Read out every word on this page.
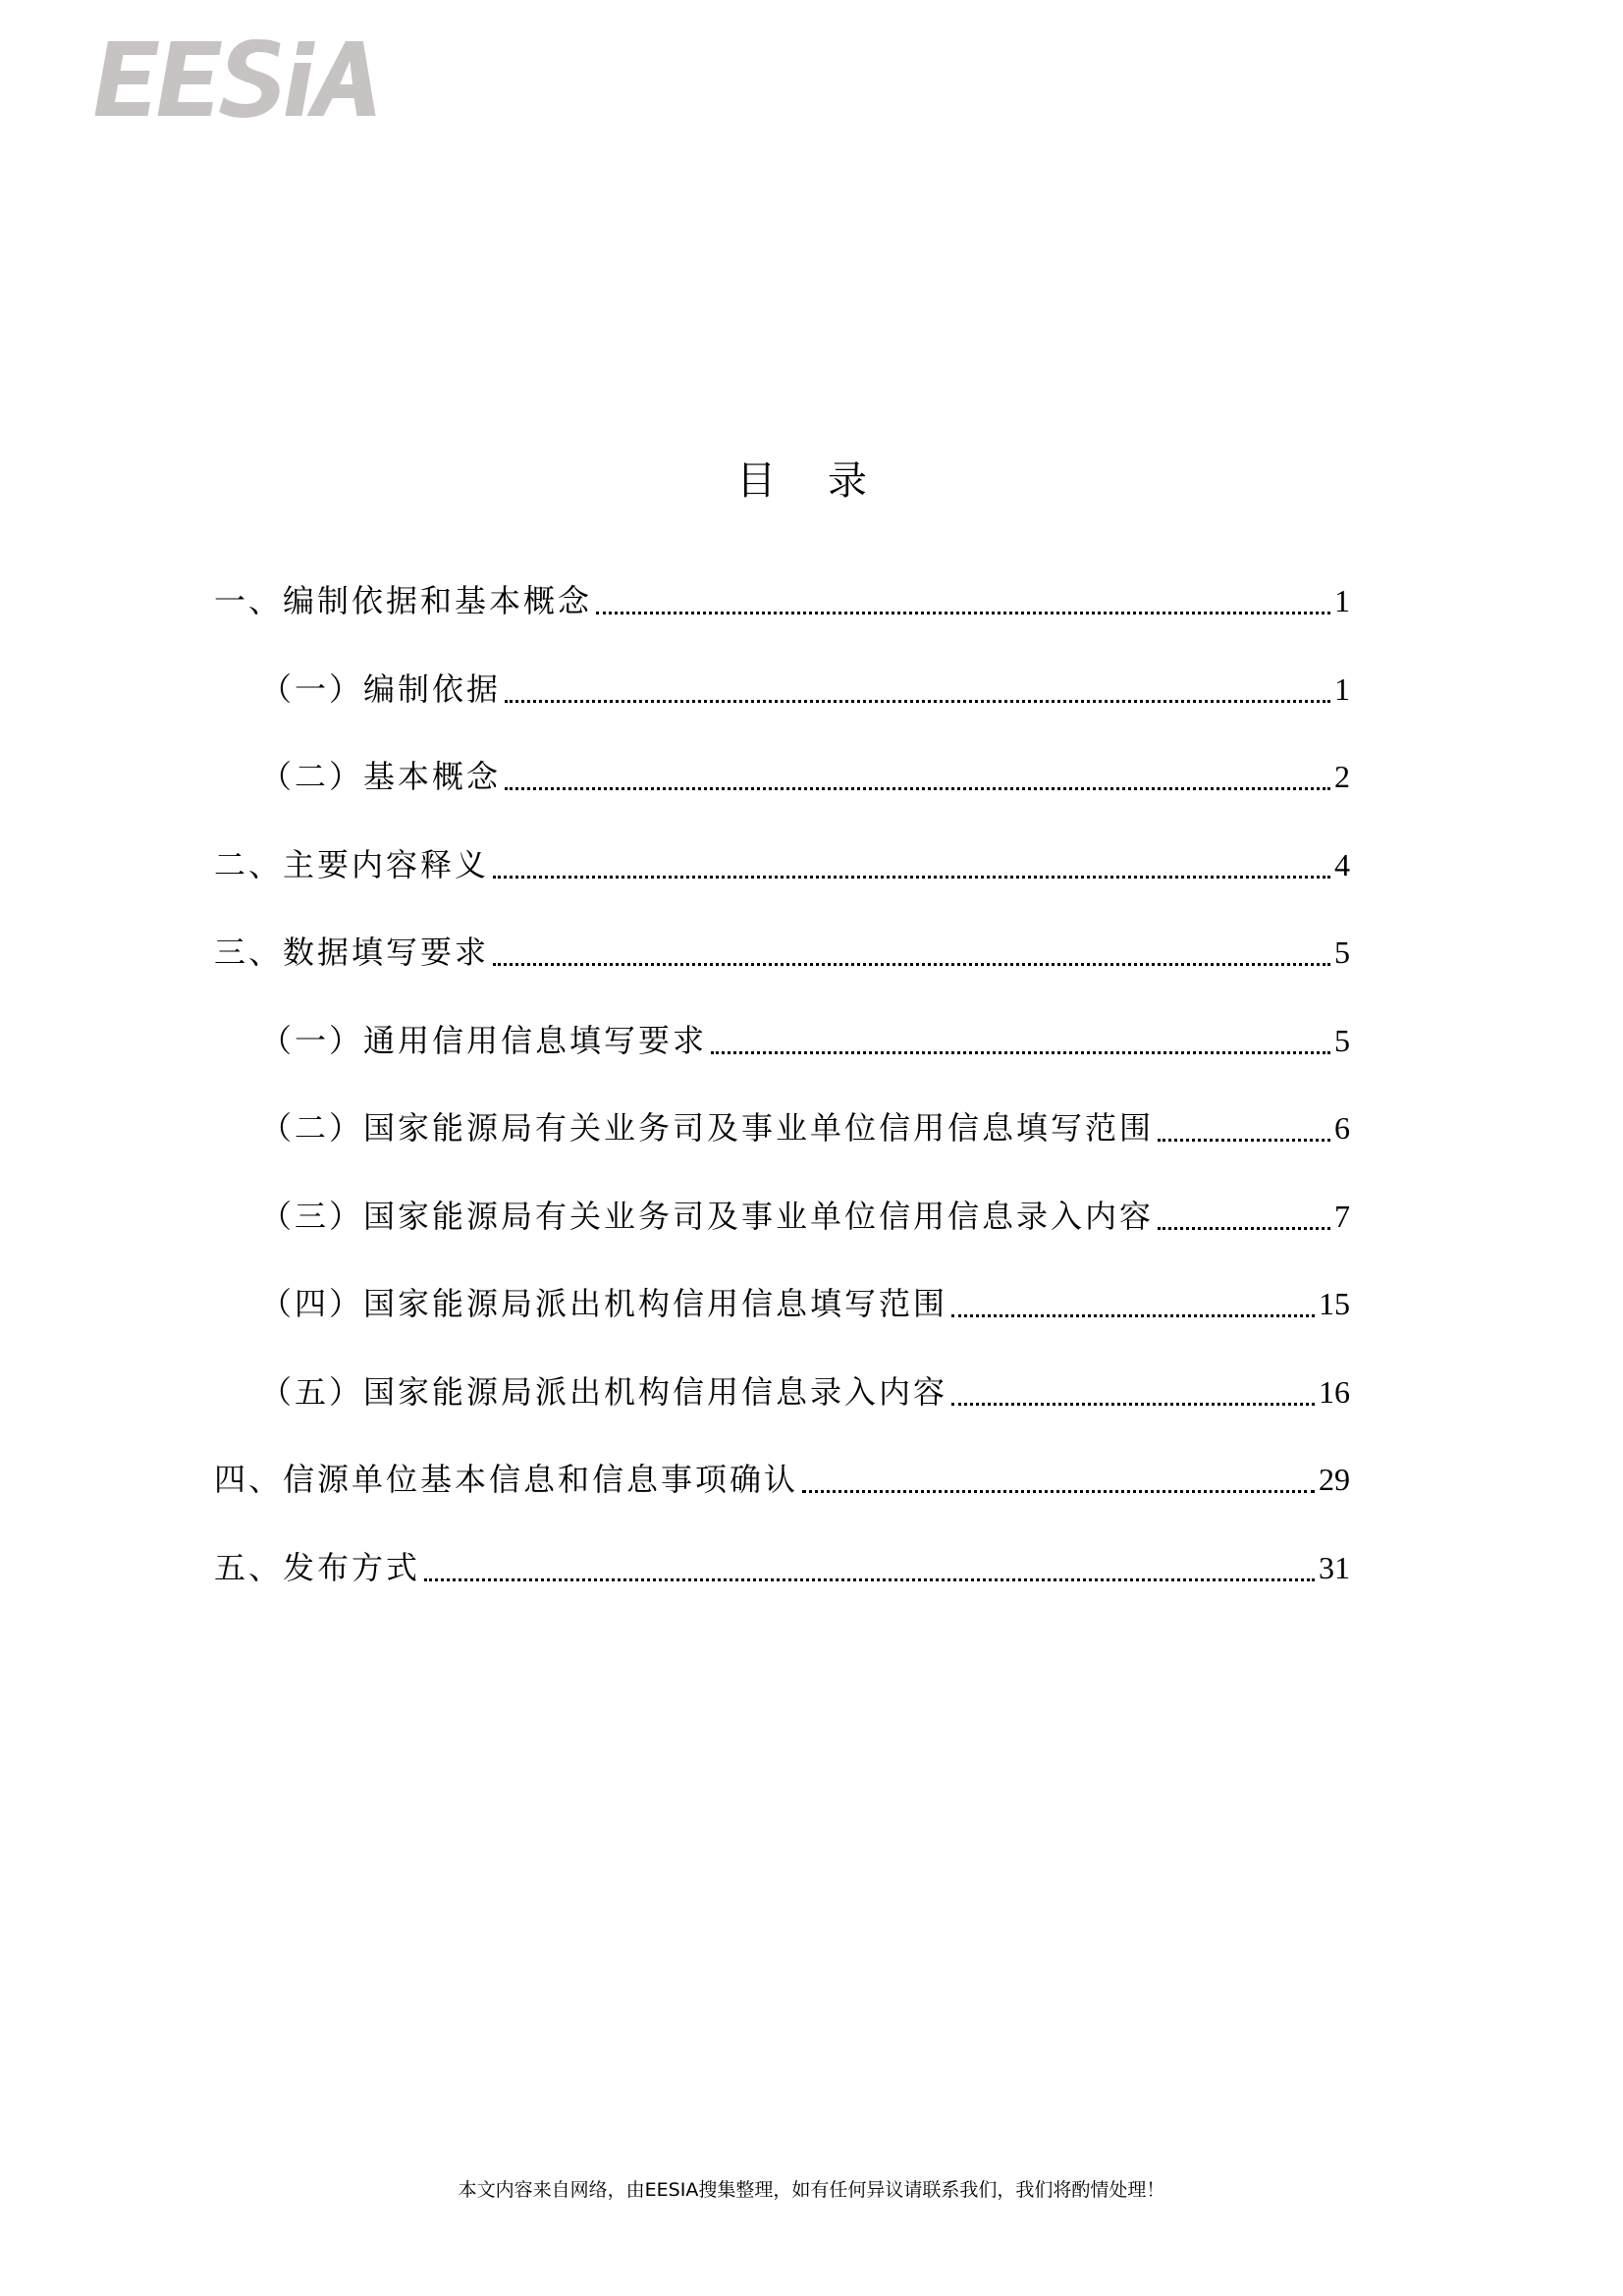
目 录
一、编制依据和基本概念	1
（一）编制依据	1
（二）基本概念	2
二、主要内容释义	4
三、数据填写要求	5
（一）通用信用信息填写要求	5
（二）国家能源局有关业务司及事业单位信用信息填写范围	6
（三）国家能源局有关业务司及事业单位信用信息录入内容	7
（四）国家能源局派出机构信用信息填写范围	15
（五）国家能源局派出机构信用信息录入内容	16
四、信源单位基本信息和信息事项确认	29
五、发布方式	31
本文内容来自网络，由EESIA搜集整理，如有任何异议请联系我们，我们将酌情处理！
